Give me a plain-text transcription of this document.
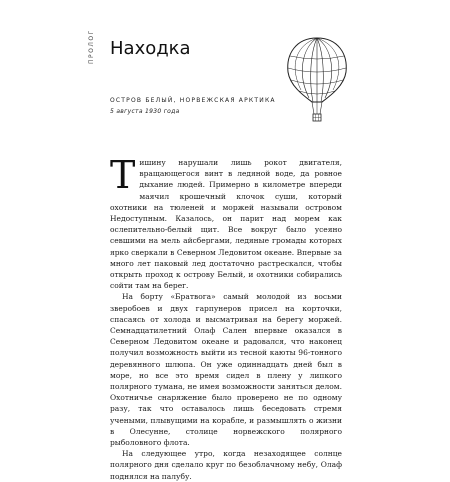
ПРОЛОГ Находка
ОСТРОВ БЕЛЫЙ, НОРВЕЖСКАЯ АРКТИКА
5 августа 1930 года

Тишину нарушали лишь рокот двигателя, вращающегося винт в ледяной воде, да ровное дыхание людей. Примерно в километре впереди маячил крошечный клочок суши, который охотники на тюленей и моржей называли островом Недоступным. Казалось, он парит над морем как ослепительно-белый щит. Все вокруг было усеяно севшими на мель айсбергами, ледяные громады которых ярко сверкали в Северном Ледовитом океане. Впервые за много лет паковый лед достаточно растрескался, чтобы открыть проход к острову Белый, и охотники собирались сойти там на берег.

На борту «Братвога» самый молодой из восьми зверобоев и двух гарпунеров присел на корточки, спасаясь от холода и высматривая на берегу моржей. Семнадцатилетний Олаф Сален впервые оказался в Северном Ледовитом океане и радовался, что наконец получил возможность выйти из тесной каюты 96-тонного деревянного шлюпа. Он уже одиннадцать дней был в море, но все это время сидел в плену у липкого полярного тумана, не имея возможности заняться делом. Охотничье снаряжение было проверено не по одному разу, так что оставалось лишь беседовать стремя учеными, плывущими на корабле, и размышлять о жизни в Олесунне, столице норвежского полярного рыболовного флота.

На следующее утро, когда незаходящее солнце полярного дня сделало круг по безоблачному небу, Олаф поднялся на палубу.
